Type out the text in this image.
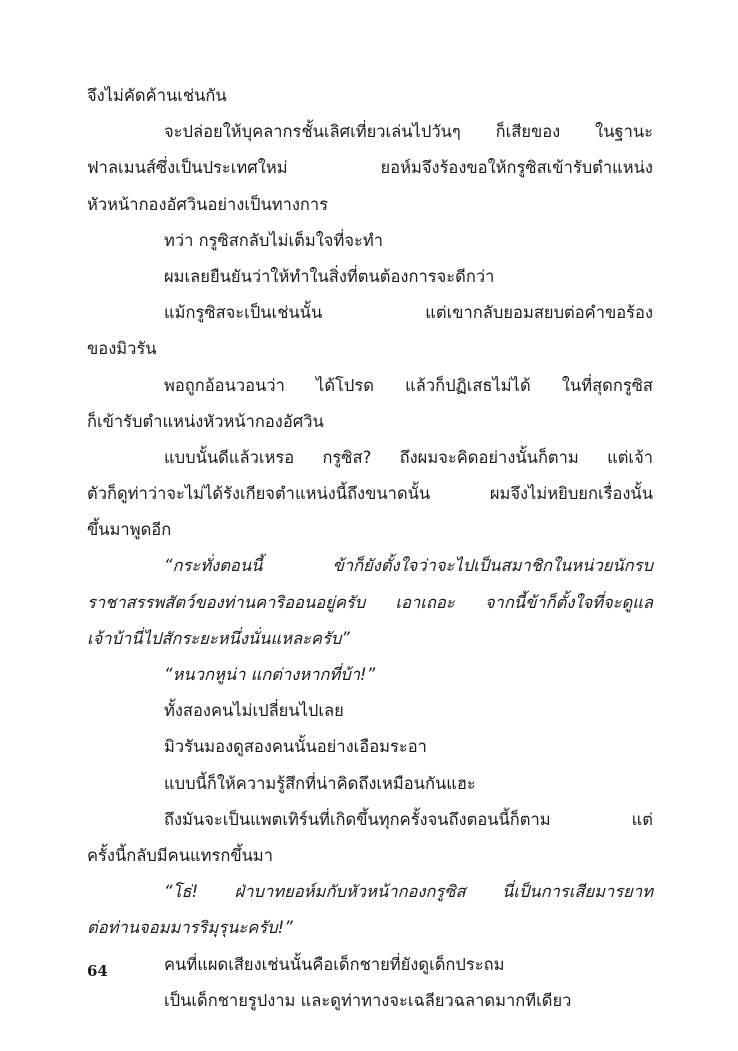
จึงไม่คัดค้านเช่นกัน
จะปล่อยให้บุคลากรชั้นเลิศเที่ยวเล่นไปวันๆ ก็เสียของ ในฐานะ
ฟาลเมนส์ซึ่งเป็นประเทศใหม่ ยอห์มจึงร้องขอให้กรูซิสเข้ารับตำแหน่ง
หัวหน้ากองอัศวินอย่างเป็นทางการ
ทว่า กรูซิสกลับไม่เต็มใจที่จะทำ
ผมเลยยืนยันว่าให้ทำในสิ่งที่ตนต้องการจะดีกว่า
แม้กรูซิสจะเป็นเช่นนั้น แต่เขากลับยอมสยบต่อคำขอร้อง
ของมิวรัน
พอถูกอ้อนวอนว่า ได้โปรด แล้วก็ปฏิเสธไม่ได้ ในที่สุดกรูซิส
ก็เข้ารับตำแหน่งหัวหน้ากองอัศวิน
แบบนั้นดีแล้วเหรอ กรูซิส? ถึงผมจะคิดอย่างนั้นก็ตาม แต่เจ้า
ตัวก็ดูท่าว่าจะไม่ได้รังเกียจตำแหน่งนี้ถึงขนาดนั้น ผมจึงไม่หยิบยกเรื่องนั้น
ขึ้นมาพูดอีก
“กระทั่งตอนนี้ ข้าก็ยังตั้งใจว่าจะไปเป็นสมาชิกในหน่วยนักรบ
ราชาสรรพสัตว์ของท่านคาริออนอยู่ครับ เอาเถอะ จากนี้ข้าก็ตั้งใจที่จะดูแล
เจ้าบ้านี่ไปสักระยะหนึ่งนั่นแหละครับ”
“หนวกหูน่า แกต่างหากที่บ้า!”
ทั้งสองคนไม่เปลี่ยนไปเลย
มิวรันมองดูสองคนนั้นอย่างเอือมระอา
แบบนี้ก็ให้ความรู้สึกที่น่าคิดถึงเหมือนกันแฮะ
ถึงมันจะเป็นแพตเทิร์นที่เกิดขึ้นทุกครั้งจนถึงตอนนี้ก็ตาม แต่
ครั้งนี้กลับมีคนแทรกขึ้นมา
“โธ่! ฝ่าบาทยอห์มกับหัวหน้ากองกรูซิส นี่เป็นการเสียมารยาท
ต่อท่านจอมมารริมุรุนะครับ!”
คนที่แผดเสียงเช่นนั้นคือเด็กชายที่ยังดูเด็กประถม
เป็นเด็กชายรูปงาม และดูท่าทางจะเฉลียวฉลาดมากทีเดียว
64
